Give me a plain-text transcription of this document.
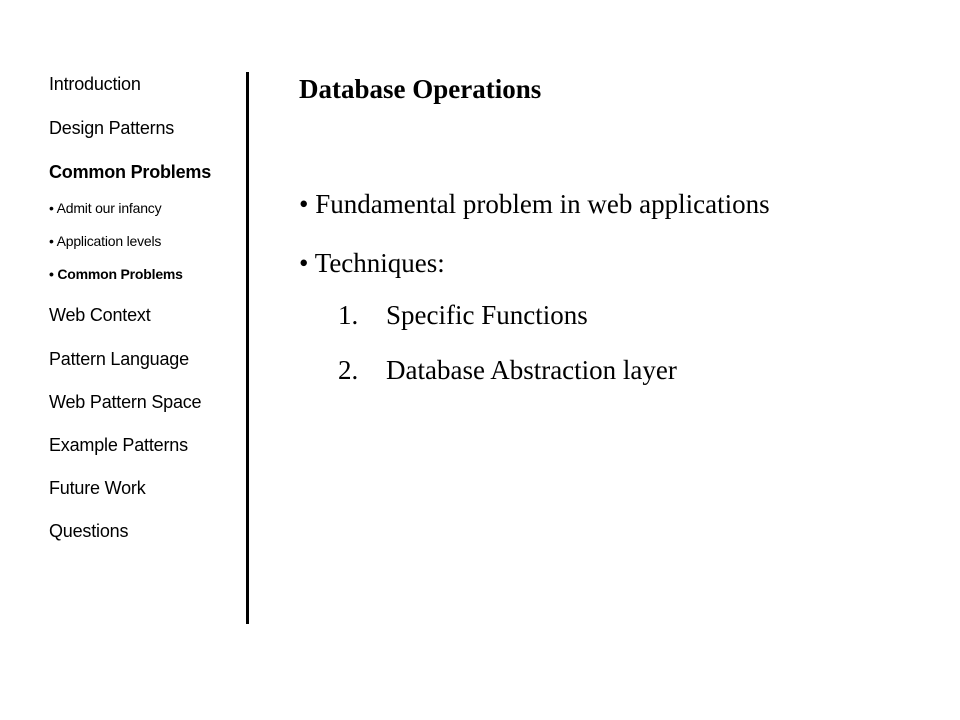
Introduction
Design Patterns
Common Problems
• Admit our infancy
• Application levels
• Common Problems
Web Context
Pattern Language
Web Pattern Space
Example Patterns
Future Work
Questions
Database Operations
• Fundamental problem in web applications
• Techniques:
1. Specific Functions
2. Database Abstraction layer
